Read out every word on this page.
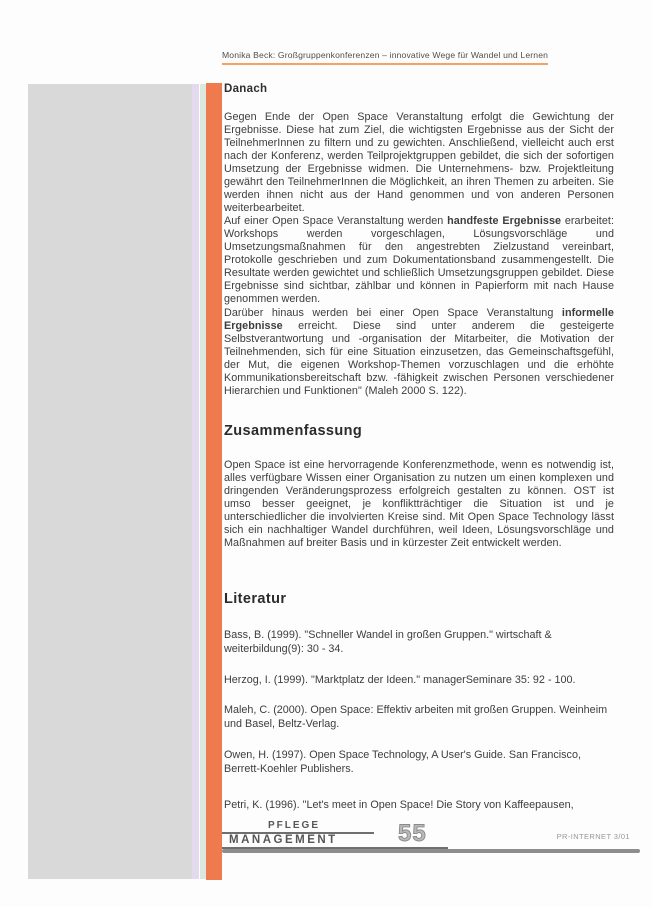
Monika Beck: Großgruppenkonferenzen – innovative Wege für Wandel und Lernen
Danach

Gegen Ende der Open Space Veranstaltung erfolgt die Gewichtung der Ergebnisse. Diese hat zum Ziel, die wichtigsten Ergebnisse aus der Sicht der TeilnehmerInnen zu filtern und zu gewichten. Anschließend, vielleicht auch erst nach der Konferenz, werden Teilprojektgruppen gebildet, die sich der sofortigen Umsetzung der Ergebnisse widmen. Die Unternehmens- bzw. Projektleitung gewährt den TeilnehmerInnen die Möglichkeit, an ihren Themen zu arbeiten. Sie werden ihnen nicht aus der Hand genommen und von anderen Personen weiterbearbeitet.

Auf einer Open Space Veranstaltung werden handfeste Ergebnisse erarbeitet: Workshops werden vorgeschlagen, Lösungsvorschläge und Umsetzungsmaßnahmen für den angestrebten Zielzustand vereinbart, Protokolle geschrieben und zum Dokumentationsband zusammengestellt. Die Resultate werden gewichtet und schließlich Umsetzungsgruppen gebildet. Diese Ergebnisse sind sichtbar, zählbar und können in Papierform mit nach Hause genommen werden.

Darüber hinaus werden bei einer Open Space Veranstaltung informelle Ergebnisse erreicht. Diese sind unter anderem die gesteigerte Selbstverantwortung und -organisation der Mitarbeiter, die Motivation der Teilnehmenden, sich für eine Situation einzusetzen, das Gemeinschaftsgefühl, der Mut, die eigenen Workshop-Themen vorzuschlagen und die erhöhte Kommunikationsbereitschaft bzw. -fähigkeit zwischen Personen verschiedener Hierarchien und Funktionen" (Maleh 2000 S. 122).

Zusammenfassung

Open Space ist eine hervorragende Konferenzmethode, wenn es notwendig ist, alles verfügbare Wissen einer Organisation zu nutzen um einen komplexen und dringenden Veränderungsprozess erfolgreich gestalten zu können. OST ist umso besser geeignet, je konfliktträchtiger die Situation ist und je unterschiedlicher die involvierten Kreise sind. Mit Open Space Technology lässt sich ein nachhaltiger Wandel durchführen, weil Ideen, Lösungsvorschläge und Maßnahmen auf breiter Basis und in kürzester Zeit entwickelt werden.

Literatur

Bass, B. (1999). "Schneller Wandel in großen Gruppen." wirtschaft & weiterbildung(9): 30 - 34.

Herzog, I. (1999). "Marktplatz der Ideen." managerSeminare 35: 92 - 100.

Maleh, C. (2000). Open Space: Effektiv arbeiten mit großen Gruppen. Weinheim und Basel, Beltz-Verlag.

Owen, H. (1997). Open Space Technology, A User's Guide. San Francisco, Berrett-Koehler Publishers.

Petri, K. (1996). "Let's meet in Open Space! Die Story von Kaffeepausen,

PFLEGE
MANAGEMENT	55	PR-INTERNET 3/01
